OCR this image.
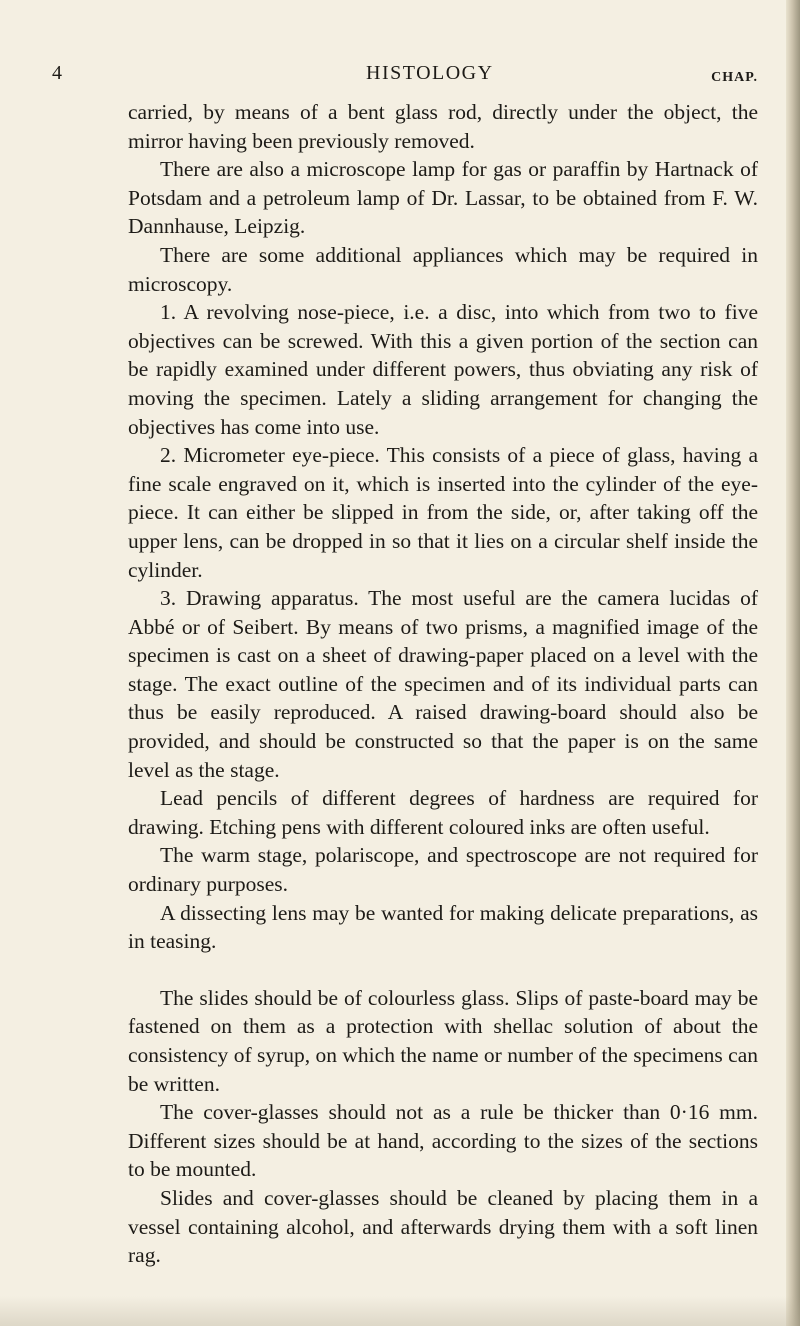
4	HISTOLOGY	CHAP.

carried, by means of a bent glass rod, directly under the object, the mirror having been previously removed.

There are also a microscope lamp for gas or paraffin by Hartnack of Potsdam and a petroleum lamp of Dr. Lassar, to be obtained from F. W. Dannhause, Leipzig.

There are some additional appliances which may be required in microscopy.

1. A revolving nose-piece, i.e. a disc, into which from two to five objectives can be screwed. With this a given portion of the section can be rapidly examined under different powers, thus obviating any risk of moving the specimen. Lately a sliding arrangement for changing the objectives has come into use.

2. Micrometer eye-piece. This consists of a piece of glass, having a fine scale engraved on it, which is inserted into the cylinder of the eye-piece. It can either be slipped in from the side, or, after taking off the upper lens, can be dropped in so that it lies on a circular shelf inside the cylinder.

3. Drawing apparatus. The most useful are the camera lucidas of Abbé or of Seibert. By means of two prisms, a magnified image of the specimen is cast on a sheet of drawing-paper placed on a level with the stage. The exact outline of the specimen and of its individual parts can thus be easily reproduced. A raised drawing-board should also be provided, and should be constructed so that the paper is on the same level as the stage.

Lead pencils of different degrees of hardness are required for drawing. Etching pens with different coloured inks are often useful.

The warm stage, polariscope, and spectroscope are not required for ordinary purposes.

A dissecting lens may be wanted for making delicate preparations, as in teasing.

The slides should be of colourless glass. Slips of paste-board may be fastened on them as a protection with shellac solution of about the consistency of syrup, on which the name or number of the specimens can be written.

The cover-glasses should not as a rule be thicker than 0·16 mm. Different sizes should be at hand, according to the sizes of the sections to be mounted.

Slides and cover-glasses should be cleaned by placing them in a vessel containing alcohol, and afterwards drying them with a soft linen rag.
